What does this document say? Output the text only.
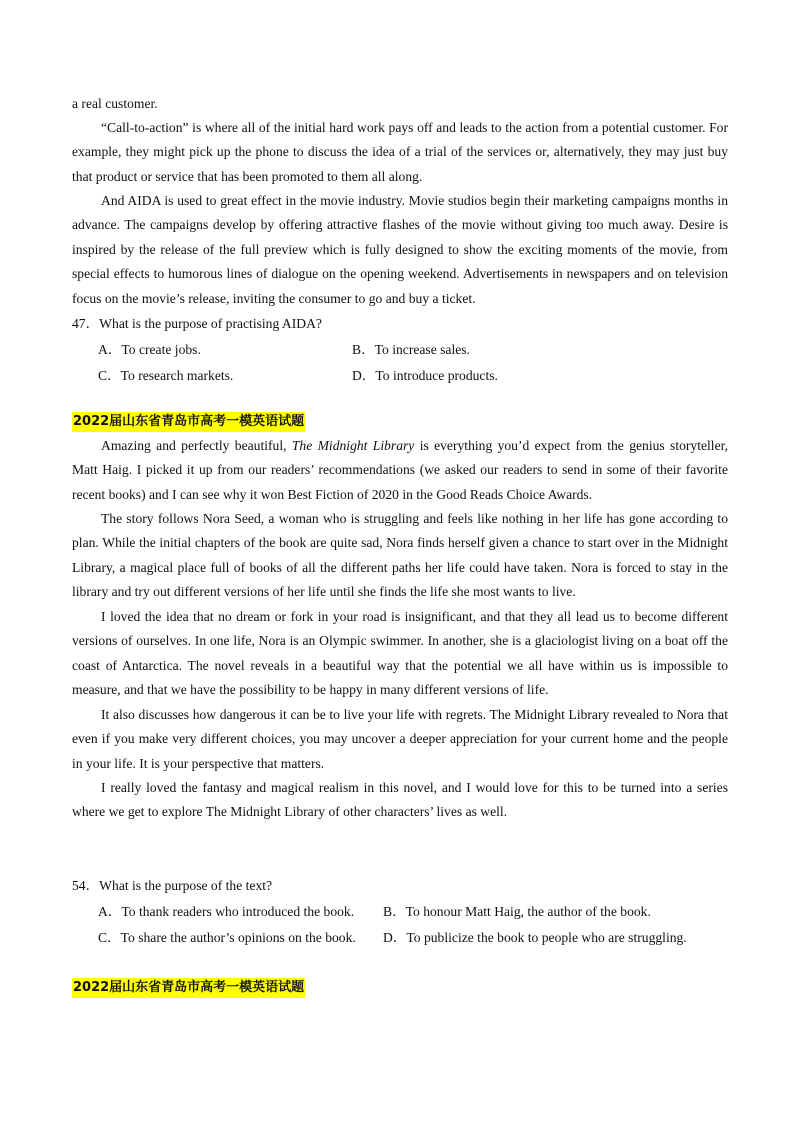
a real customer.

“Call-to-action” is where all of the initial hard work pays off and leads to the action from a potential customer. For example, they might pick up the phone to discuss the idea of a trial of the services or, alternatively, they may just buy that product or service that has been promoted to them all along.

And AIDA is used to great effect in the movie industry. Movie studios begin their marketing campaigns months in advance. The campaigns develop by offering attractive flashes of the movie without giving too much away. Desire is inspired by the release of the full preview which is fully designed to show the exciting moments of the movie, from special effects to humorous lines of dialogue on the opening weekend. Advertisements in newspapers and on television focus on the movie’s release, inviting the consumer to go and buy a ticket.

47．What is the purpose of practising AIDA?

A．To create jobs.	B．To increase sales.

C．To research markets.	D．To introduce products.

2022届山东省青岛市高考一模英语试题

Amazing and perfectly beautiful, The Midnight Library is everything you’d expect from the genius storyteller, Matt Haig. I picked it up from our readers’ recommendations (we asked our readers to send in some of their favorite recent books) and I can see why it won Best Fiction of 2020 in the Good Reads Choice Awards.

The story follows Nora Seed, a woman who is struggling and feels like nothing in her life has gone according to plan. While the initial chapters of the book are quite sad, Nora finds herself given a chance to start over in the Midnight Library, a magical place full of books of all the different paths her life could have taken. Nora is forced to stay in the library and try out different versions of her life until she finds the life she most wants to live.

I loved the idea that no dream or fork in your road is insignificant, and that they all lead us to become different versions of ourselves. In one life, Nora is an Olympic swimmer. In another, she is a glaciologist living on a boat off the coast of Antarctica. The novel reveals in a beautiful way that the potential we all have within us is impossible to measure, and that we have the possibility to be happy in many different versions of life.

It also discusses how dangerous it can be to live your life with regrets. The Midnight Library revealed to Nora that even if you make very different choices, you may uncover a deeper appreciation for your current home and the people in your life. It is your perspective that matters.

I really loved the fantasy and magical realism in this novel, and I would love for this to be turned into a series where we get to explore The Midnight Library of other characters’ lives as well.

54．What is the purpose of the text?

A．To thank readers who introduced the book. B．To honour Matt Haig, the author of the book.

C．To share the author’s opinions on the book. D．To publicize the book to people who are struggling.

2022届山东省青岛市高考一模英语试题
